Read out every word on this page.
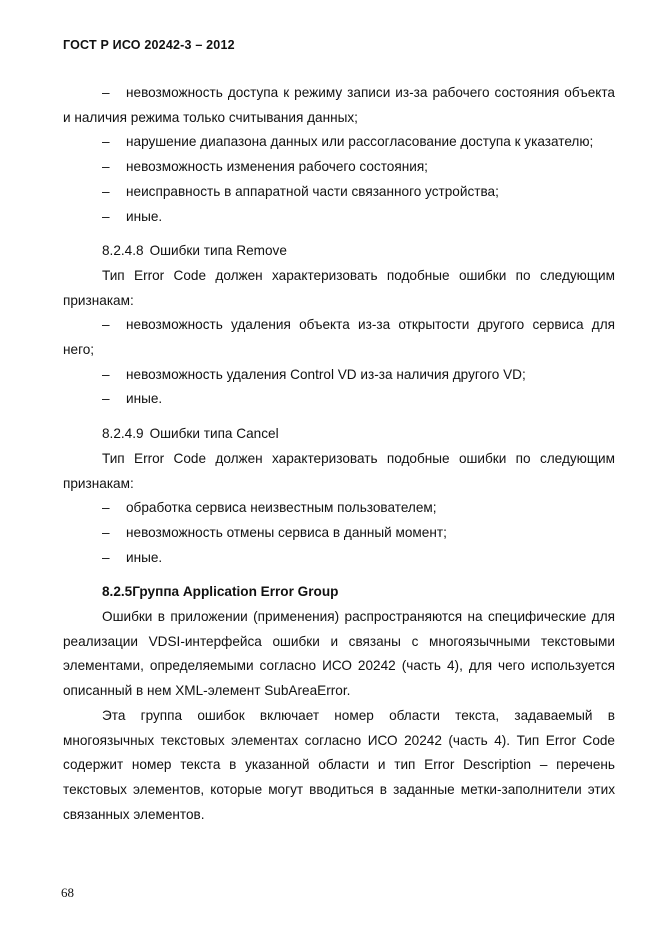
ГОСТ Р ИСО 20242-3 – 2012

– невозможность доступа к режиму записи из-за рабочего состояния объекта и наличия режима только считывания данных;

– нарушение диапазона данных или рассогласование доступа к указателю;

– невозможность изменения рабочего состояния;

– неисправность в аппаратной части связанного устройства;

– иные.

8.2.4.8 Ошибки типа Remove

Тип Error Code должен характеризовать подобные ошибки по следующим признакам:

– невозможность удаления объекта из-за открытости другого сервиса для него;

– невозможность удаления Control VD из-за наличия другого VD;

– иные.

8.2.4.9 Ошибки типа Cancel

Тип Error Code должен характеризовать подобные ошибки по следующим признакам:

– обработка сервиса неизвестным пользователем;

– невозможность отмены сервиса в данный момент;

– иные.

8.2.5Группа Application Error Group

Ошибки в приложении (применения) распространяются на специфические для реализации VDSI-интерфейса ошибки и связаны с многоязычными текстовыми элементами, определяемыми согласно ИСО 20242 (часть 4), для чего используется описанный в нем XML-элемент SubAreaError.

Эта группа ошибок включает номер области текста, задаваемый в многоязычных текстовых элементах согласно ИСО 20242 (часть 4). Тип Error Code содержит номер текста в указанной области и тип Error Description – перечень текстовых элементов, которые могут вводиться в заданные метки-заполнители этих связанных элементов.

68
